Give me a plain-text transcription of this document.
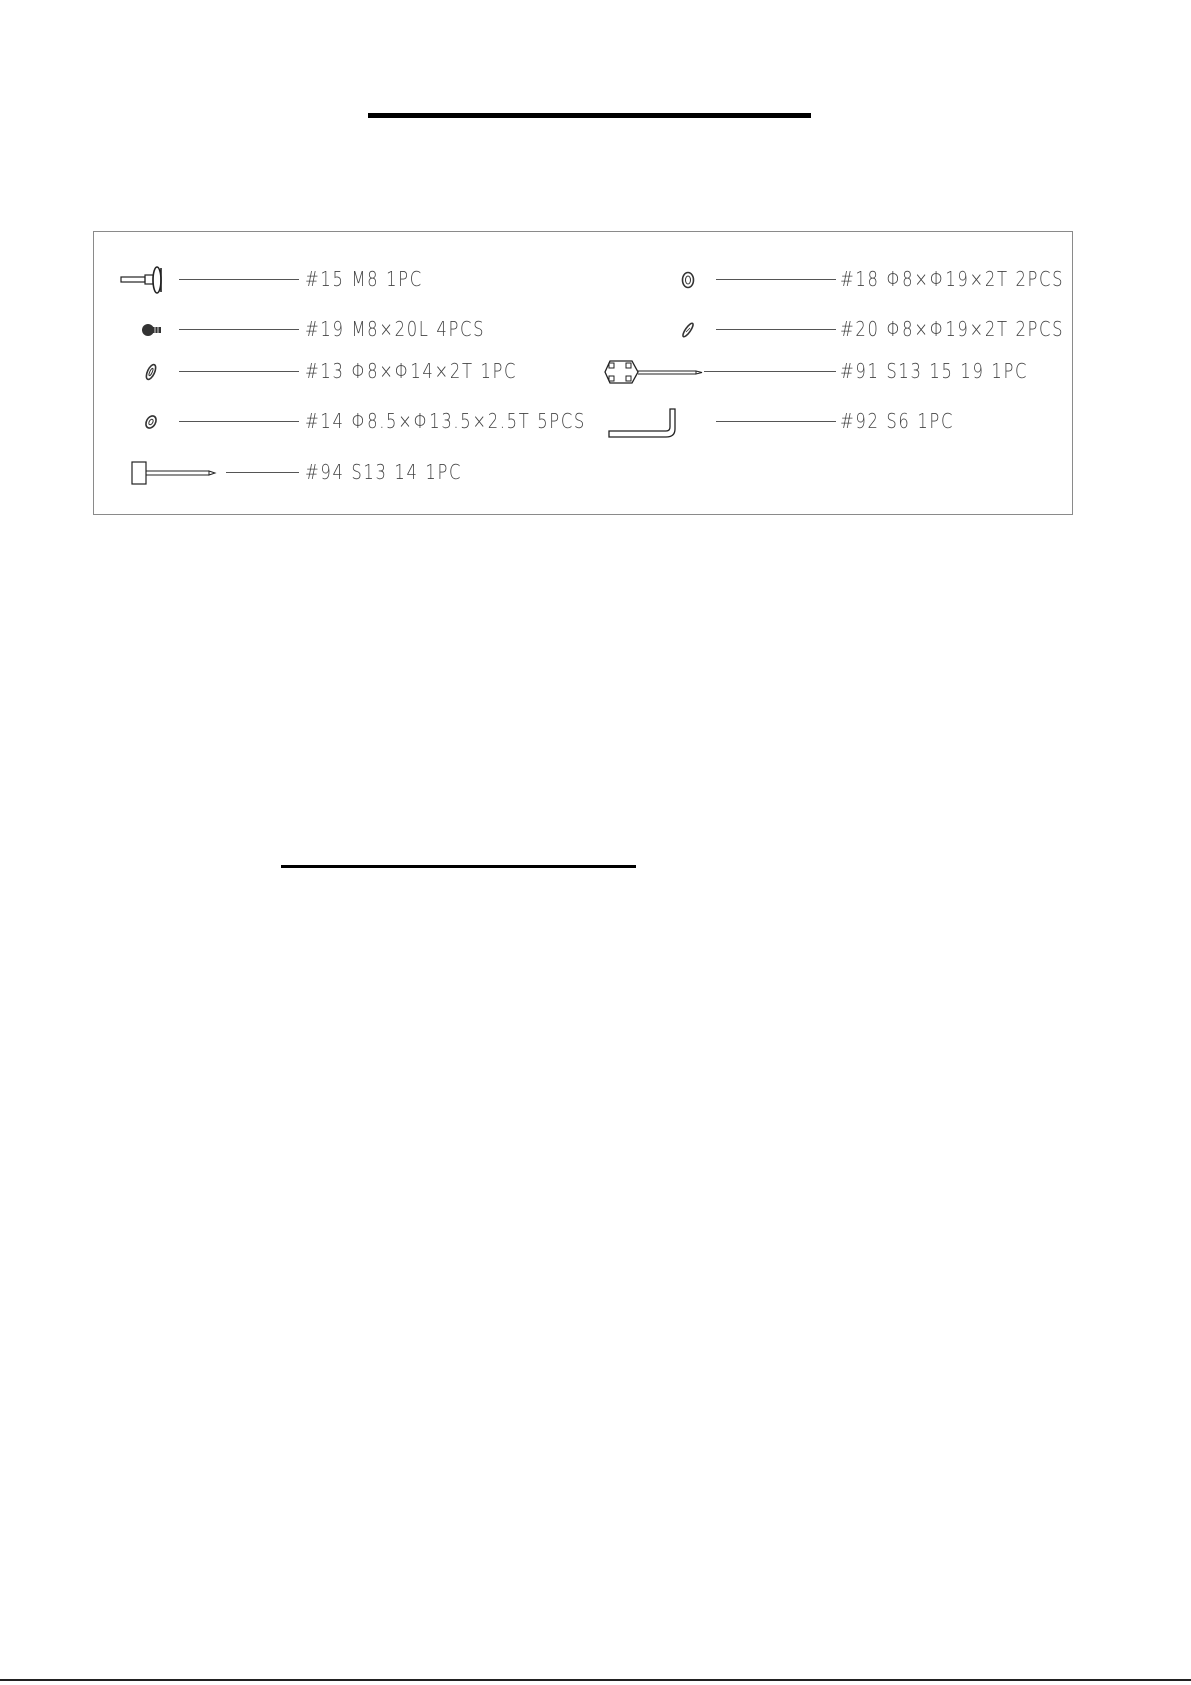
#15 M8 1PC
#19 M8×20L 4PCS
#13 Φ8×Φ14×2T 1PC
#14 Φ8.5×Φ13.5×2.5T 5PCS
#94 S13 14 1PC
#18 Φ8×Φ19×2T 2PCS
#20 Φ8×Φ19×2T 2PCS
#91 S13 15 19 1PC
#92 S6 1PC
